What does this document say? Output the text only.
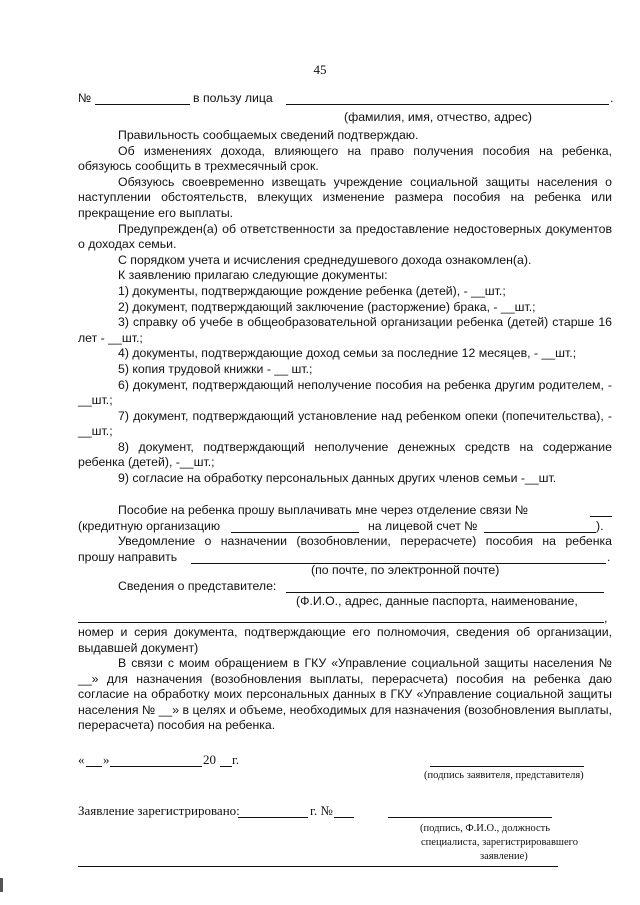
45
№	в пользу лица	.
(фамилия, имя, отчество, адрес)
Правильность сообщаемых сведений подтверждаю.
Об изменениях дохода, влияющего на право получения пособия на ребенка, обязуюсь сообщить в трехмесячный срок.
Обязуюсь своевременно извещать учреждение социальной защиты населения о наступлении обстоятельств, влекущих изменение размера пособия на ребенка или прекращение его выплаты.
Предупрежден(а) об ответственности за предоставление недостоверных документов о доходах семьи.
С порядком учета и исчисления среднедушевого дохода ознакомлен(а).
К заявлению прилагаю следующие документы:
1) документы, подтверждающие рождение ребенка (детей), - __шт.;
2) документ, подтверждающий заключение (расторжение) брака, - __шт.;
3) справку об учебе в общеобразовательной организации ребенка (детей) старше 16 лет - __шт.;
4) документы, подтверждающие доход семьи за последние 12 месяцев, - __шт.;
5) копия трудовой книжки - __ шт.;
6) документ, подтверждающий неполучение пособия на ребенка другим родителем, - __шт.;
7) документ, подтверждающий установление над ребенком опеки (попечительства), - __шт.;
8) документ, подтверждающий неполучение денежных средств на содержание ребенка (детей), -__шт.;
9) согласие на обработку персональных данных других членов семьи -__шт.
Пособие на ребенка прошу выплачивать мне через отделение связи №
(кредитную организацию	на лицевой счет №	).
Уведомление о назначении (возобновлении, перерасчете) пособия на ребенка
прошу направить	.
(по почте, по электронной почте)
Сведения о представителе:
(Ф.И.О., адрес, данные паспорта, наименование,
,
номер и серия документа, подтверждающие его полномочия, сведения об организации, выдавшей документ)
В связи с моим обращением в ГКУ «Управление социальной защиты населения № __» для назначения (возобновления выплаты, перерасчета) пособия на ребенка даю согласие на обработку моих персональных данных в ГКУ «Управление социальной защиты населения № __» в целях и объеме, необходимых для назначения (возобновления выплаты, перерасчета) пособия на ребенка.
« »	20 г.
(подпись заявителя, представителя)
Заявление зарегистрировано:	г. №
(подпись, Ф.И.О., должность
специалиста, зарегистрировавшего
заявление)
